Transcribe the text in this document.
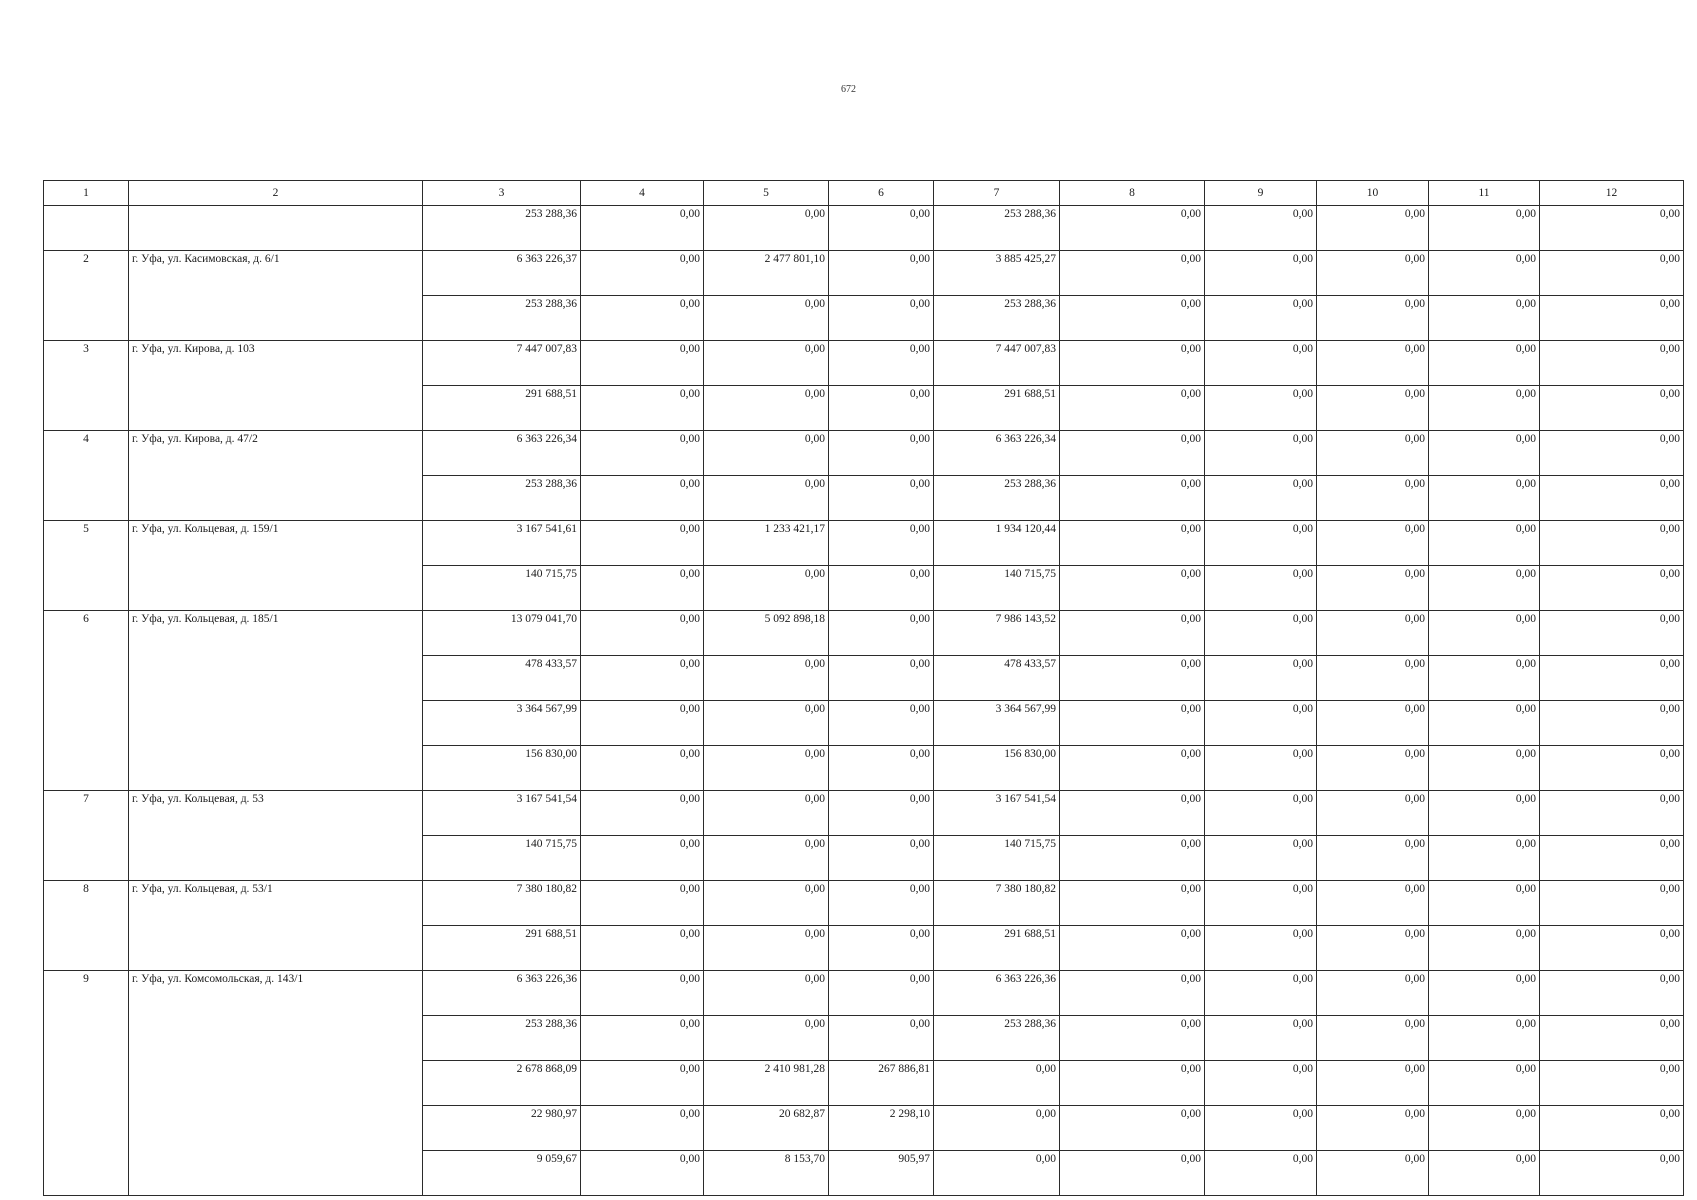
672
1	2	3	4	5	6	7	8	9	10	11	12
		253 288,36	0,00	0,00	0,00	253 288,36	0,00	0,00	0,00	0,00	0,00
2	г. Уфа, ул. Касимовская, д. 6/1	6 363 226,37	0,00	2 477 801,10	0,00	3 885 425,27	0,00	0,00	0,00	0,00	0,00
		253 288,36	0,00	0,00	0,00	253 288,36	0,00	0,00	0,00	0,00	0,00
3	г. Уфа, ул. Кирова, д. 103	7 447 007,83	0,00	0,00	0,00	7 447 007,83	0,00	0,00	0,00	0,00	0,00
		291 688,51	0,00	0,00	0,00	291 688,51	0,00	0,00	0,00	0,00	0,00
4	г. Уфа, ул. Кирова, д. 47/2	6 363 226,34	0,00	0,00	0,00	6 363 226,34	0,00	0,00	0,00	0,00	0,00
		253 288,36	0,00	0,00	0,00	253 288,36	0,00	0,00	0,00	0,00	0,00
5	г. Уфа, ул. Кольцевая, д. 159/1	3 167 541,61	0,00	1 233 421,17	0,00	1 934 120,44	0,00	0,00	0,00	0,00	0,00
		140 715,75	0,00	0,00	0,00	140 715,75	0,00	0,00	0,00	0,00	0,00
6	г. Уфа, ул. Кольцевая, д. 185/1	13 079 041,70	0,00	5 092 898,18	0,00	7 986 143,52	0,00	0,00	0,00	0,00	0,00
		478 433,57	0,00	0,00	0,00	478 433,57	0,00	0,00	0,00	0,00	0,00
		3 364 567,99	0,00	0,00	0,00	3 364 567,99	0,00	0,00	0,00	0,00	0,00
		156 830,00	0,00	0,00	0,00	156 830,00	0,00	0,00	0,00	0,00	0,00
7	г. Уфа, ул. Кольцевая, д. 53	3 167 541,54	0,00	0,00	0,00	3 167 541,54	0,00	0,00	0,00	0,00	0,00
		140 715,75	0,00	0,00	0,00	140 715,75	0,00	0,00	0,00	0,00	0,00
8	г. Уфа, ул. Кольцевая, д. 53/1	7 380 180,82	0,00	0,00	0,00	7 380 180,82	0,00	0,00	0,00	0,00	0,00
		291 688,51	0,00	0,00	0,00	291 688,51	0,00	0,00	0,00	0,00	0,00
9	г. Уфа, ул. Комсомольская, д. 143/1	6 363 226,36	0,00	0,00	0,00	6 363 226,36	0,00	0,00	0,00	0,00	0,00
		253 288,36	0,00	0,00	0,00	253 288,36	0,00	0,00	0,00	0,00	0,00
		2 678 868,09	0,00	2 410 981,28	267 886,81	0,00	0,00	0,00	0,00	0,00	0,00
		22 980,97	0,00	20 682,87	2 298,10	0,00	0,00	0,00	0,00	0,00	0,00
		9 059,67	0,00	8 153,70	905,97	0,00	0,00	0,00	0,00	0,00	0,00
